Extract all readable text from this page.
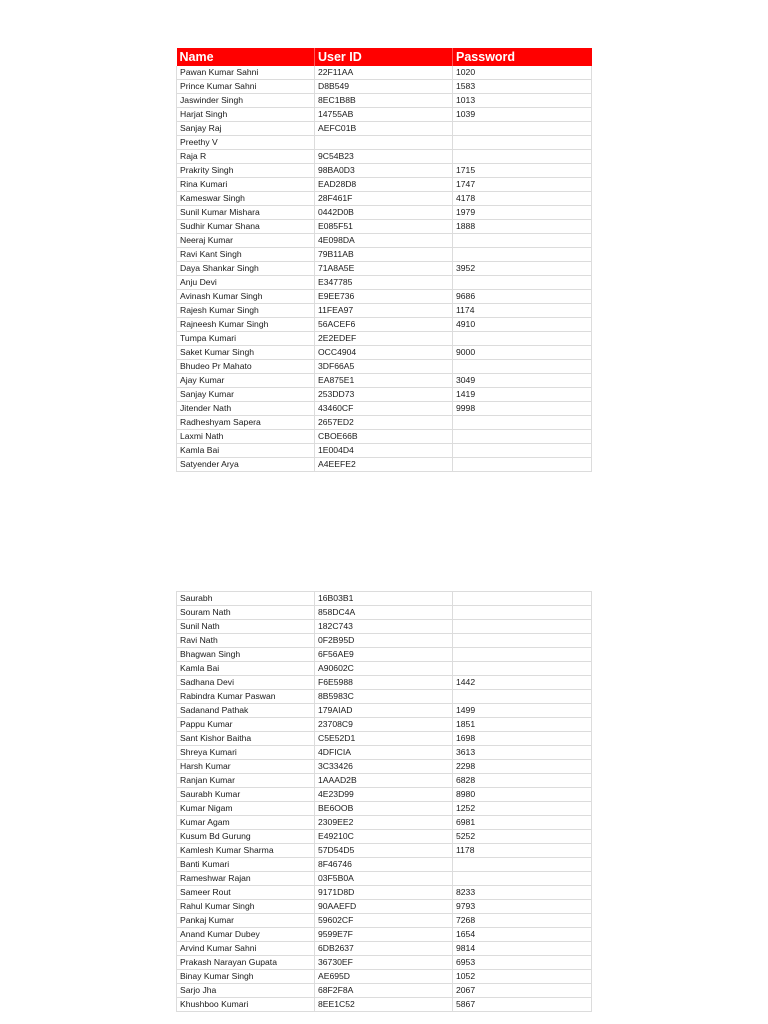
Name	User ID	Password
Pawan Kumar Sahni	22F11AA	1020
Prince Kumar Sahni	D8B549	1583
Jaswinder Singh	8EC1B8B	1013
Harjat Singh	14755AB	1039
Sanjay Raj	AEFC01B	
Preethy V		
Raja R	9C54B23	
Prakrity Singh	98BA0D3	1715
Rina Kumari	EAD28D8	1747
Kameswar Singh	28F461F	4178
Sunil Kumar Mishara	0442D0B	1979
Sudhir Kumar Shana	E085F51	1888
Neeraj Kumar	4E098DA	
Ravi Kant Singh	79B11AB	
Daya Shankar Singh	71A8A5E	3952
Anju Devi	E347785	
Avinash Kumar Singh	E9EE736	9686
Rajesh Kumar Singh	11FEA97	1174
Rajneesh Kumar Singh	56ACEF6	4910
Tumpa Kumari	2E2EDEF	
Saket Kumar Singh	OCC4904	9000
Bhudeo Pr Mahato	3DF66A5	
Ajay Kumar	EA875E1	3049
Sanjay Kumar	253DD73	1419
Jitender Nath	43460CF	9998
Radheshyam Sapera	2657ED2	
Laxmi Nath	CBOE66B	
Kamla Bai	1E004D4	
Satyender Arya	A4EEFE2	
Saurabh	16B03B1	
Souram Nath	858DC4A	
Sunil Nath	182C743	
Ravi Nath	0F2B95D	
Bhagwan Singh	6F56AE9	
Kamla Bai	A90602C	
Sadhana Devi	F6E5988	1442
Rabindra Kumar Paswan	8B5983C	
Sadanand Pathak	179AIAD	1499
Pappu Kumar	23708C9	1851
Sant Kishor Baitha	C5E52D1	1698
Shreya Kumari	4DFICIA	3613
Harsh Kumar	3C33426	2298
Ranjan Kumar	1AAAD2B	6828
Saurabh Kumar	4E23D99	8980
Kumar Nigam	BE6OOB	1252
Kumar Agam	2309EE2	6981
Kusum Bd Gurung	E49210C	5252
Kamlesh Kumar Sharma	57D54D5	1178
Banti Kumari	8F46746	
Rameshwar Rajan	03F5B0A	
Sameer Rout	9171D8D	8233
Rahul Kumar Singh	90AAEFD	9793
Pankaj Kumar	59602CF	7268
Anand Kumar Dubey	9599E7F	1654
Arvind Kumar Sahni	6DB2637	9814
Prakash Narayan Gupata	36730EF	6953
Binay Kumar Singh	AE695D	1052
Sarjo Jha	68F2F8A	2067
Khushboo Kumari	8EE1C52	5867
